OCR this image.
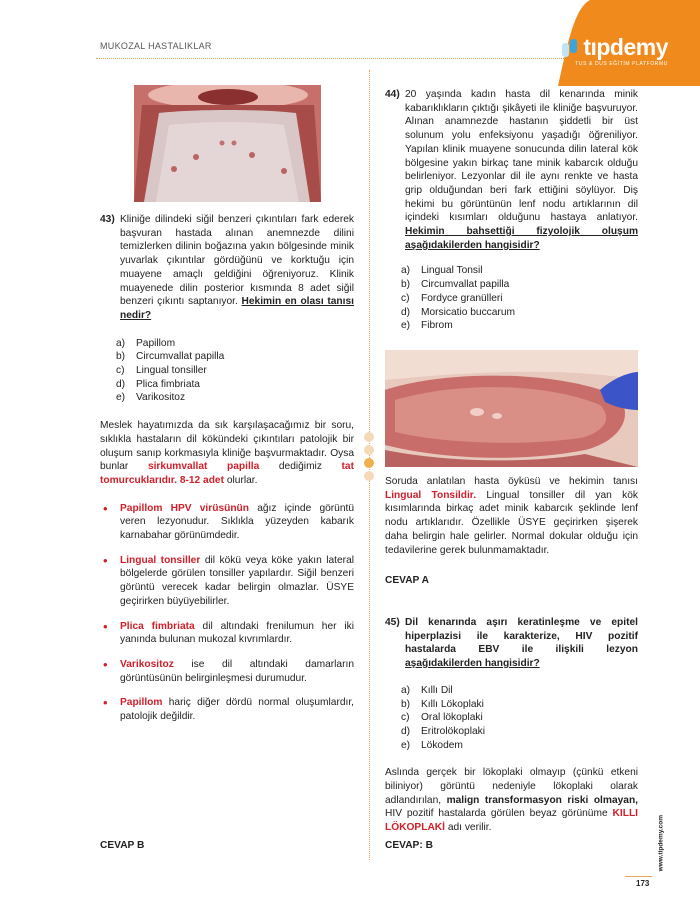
MUKOZAL HASTALIKLAR	tıpdemy
TUS & DUS EĞİTİM PLATFORMU
43) Kliniğe dilindeki siğil benzeri çıkıntıları fark ederek başvuran hastada alınan anemnezde dilini temizlerken dilinin boğazına yakın bölgesinde minik yuvarlak çıkıntılar gördüğünü ve korktuğu için muayene amaçlı geldiğini öğreniyoruz. Klinik muayenede dilin posterior kısmında 8 adet siğil benzeri çıkıntı saptanıyor. Hekimin en olası tanısı nedir?
a)	Papillom
b)	Circumvallat papilla
c)	Lingual tonsiller
d)	Plica fimbriata
e)	Varikositoz
Meslek hayatımızda da sık karşılaşacağımız bir soru, sıklıkla hastaların dil kökündeki çıkıntıları patolojik bir oluşum sanıp korkmasıyla kliniğe başvurmaktadır. Oysa bunlar sirkumvallat papilla dediğimiz tat tomurcuklarıdır. 8-12 adet olurlar.
• Papillom HPV virüsünün ağız içinde görüntü veren lezyonudur. Sıklıkla yüzeyden kabarık karnabahar görünümdedir.
• Lingual tonsiller dil kökü veya köke yakın lateral bölgelerde görülen tonsiller yapılardır. Siğil benzeri görüntü verecek kadar belirgin olmazlar. ÜSYE geçirirken büyüyebilirler.
• Plica fimbriata dil altındaki frenilumun her iki yanında bulunan mukozal kıvrımlardır.
• Varikositoz ise dil altındaki damarların görüntüsünün belirginleşmesi durumudur.
• Papillom hariç diğer dördü normal oluşumlardır, patolojik değildir.
CEVAP B
44) 20 yaşında kadın hasta dil kenarında minik kabarıklıkların çıktığı şikâyeti ile kliniğe başvuruyor. Alınan anamnezde hastanın şiddetli bir üst solunum yolu enfeksiyonu yaşadığı öğreniliyor. Yapılan klinik muayene sonucunda dilin lateral kök bölgesine yakın birkaç tane minik kabarcık olduğu belirleniyor. Lezyonlar dil ile aynı renkte ve hasta grip olduğundan beri fark ettiğini söylüyor. Diş hekimi bu görüntünün lenf nodu artıklarının dil içindeki kısımları olduğunu hastaya anlatıyor. Hekimin bahsettiği fizyolojik oluşum aşağıdakilerden hangisidir?
a)	Lingual Tonsil
b)	Circumvallat papilla
c)	Fordyce granülleri
d)	Morsicatio buccarum
e)	Fibrom
Soruda anlatılan hasta öyküsü ve hekimin tanısı Lingual Tonsildir. Lingual tonsiller dil yan kök kısımlarında birkaç adet minik kabarcık şeklinde lenf nodu artıklarıdır. Özellikle ÜSYE geçirirken şişerek daha belirgin hale gelirler. Normal dokular olduğu için tedavilerine gerek bulunmamaktadır.
CEVAP A
45) Dil kenarında aşırı keratinleşme ve epitel hiperplazisi ile karakterize, HIV pozitif hastalarda EBV ile ilişkili lezyon aşağıdakilerden hangisidir?
a)	Kıllı Dil
b)	Kıllı Lökoplaki
c)	Oral lökoplaki
d)	Eritrolökoplaki
e)	Lökodem
Aslında gerçek bir lökoplaki olmayıp (çünkü etkeni biliniyor) görüntü nedeniyle lökoplaki olarak adlandırılan, malign transformasyon riski olmayan, HIV pozitif hastalarda görülen beyaz görünüme KILLI LÖKOPLAKİ adı verilir.
CEVAP: B	www.tipdemy.com
173
